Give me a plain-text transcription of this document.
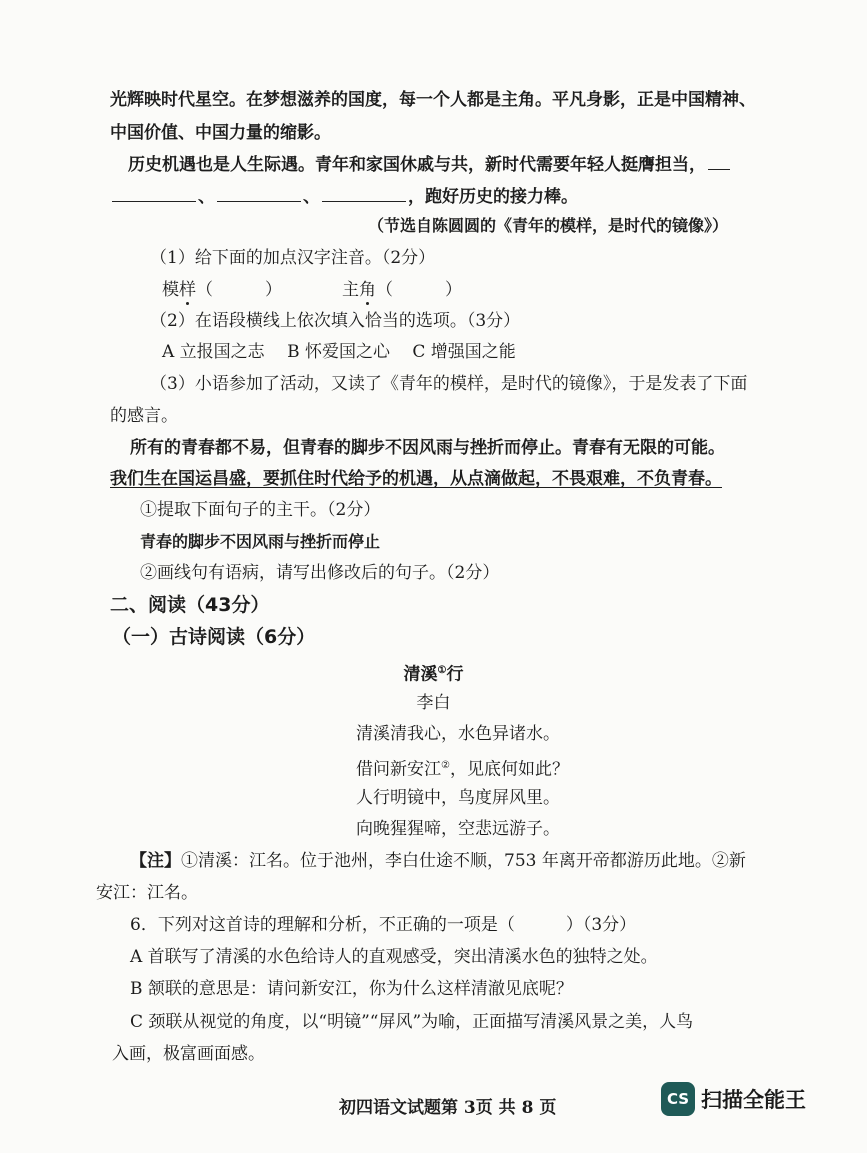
光辉映时代星空。在梦想滋养的国度，每一个人都是主角。平凡身影，正是中国精神、
中国价值、中国力量的缩影。
历史机遇也是人生际遇。青年和家国休戚与共，新时代需要年轻人挺膺担当，
、	、	，跑好历史的接力棒。
（节选自陈圆圆的《青年的模样，是时代的镜像》）
（1）给下面的加点汉字注音。（2分）
模样（	）	主角（	）
（2）在语段横线上依次填入恰当的选项。（3分）
A 立报国之志　 B 怀爱国之心　 C 增强国之能
（3）小语参加了活动，又读了《青年的模样，是时代的镜像》，于是发表了下面
的感言。
所有的青春都不易，但青春的脚步不因风雨与挫折而停止。青春有无限的可能。
我们生在国运昌盛，要抓住时代给予的机遇，从点滴做起，不畏艰难，不负青春。
①提取下面句子的主干。（2分）
青春的脚步不因风雨与挫折而停止
②画线句有语病，请写出修改后的句子。（2分）
二、阅读（43分）
（一）古诗阅读（6分）
清溪①行
李白
清溪清我心，水色异诸水。
借问新安江②，见底何如此？
人行明镜中，鸟度屏风里。
向晚猩猩啼，空悲远游子。
【注】①清溪：江名。位于池州，李白仕途不顺，753 年离开帝都游历此地。②新
安江：江名。
6．下列对这首诗的理解和分析，不正确的一项是（　　　）（3分）
A 首联写了清溪的水色给诗人的直观感受，突出清溪水色的独特之处。
B 颔联的意思是：请问新安江，你为什么这样清澈见底呢？
C 颈联从视觉的角度，以“明镜”“屏风”为喻，正面描写清溪风景之美，人鸟
入画，极富画面感。
初四语文试题第 3页 共 8 页	CS 扫描全能王
